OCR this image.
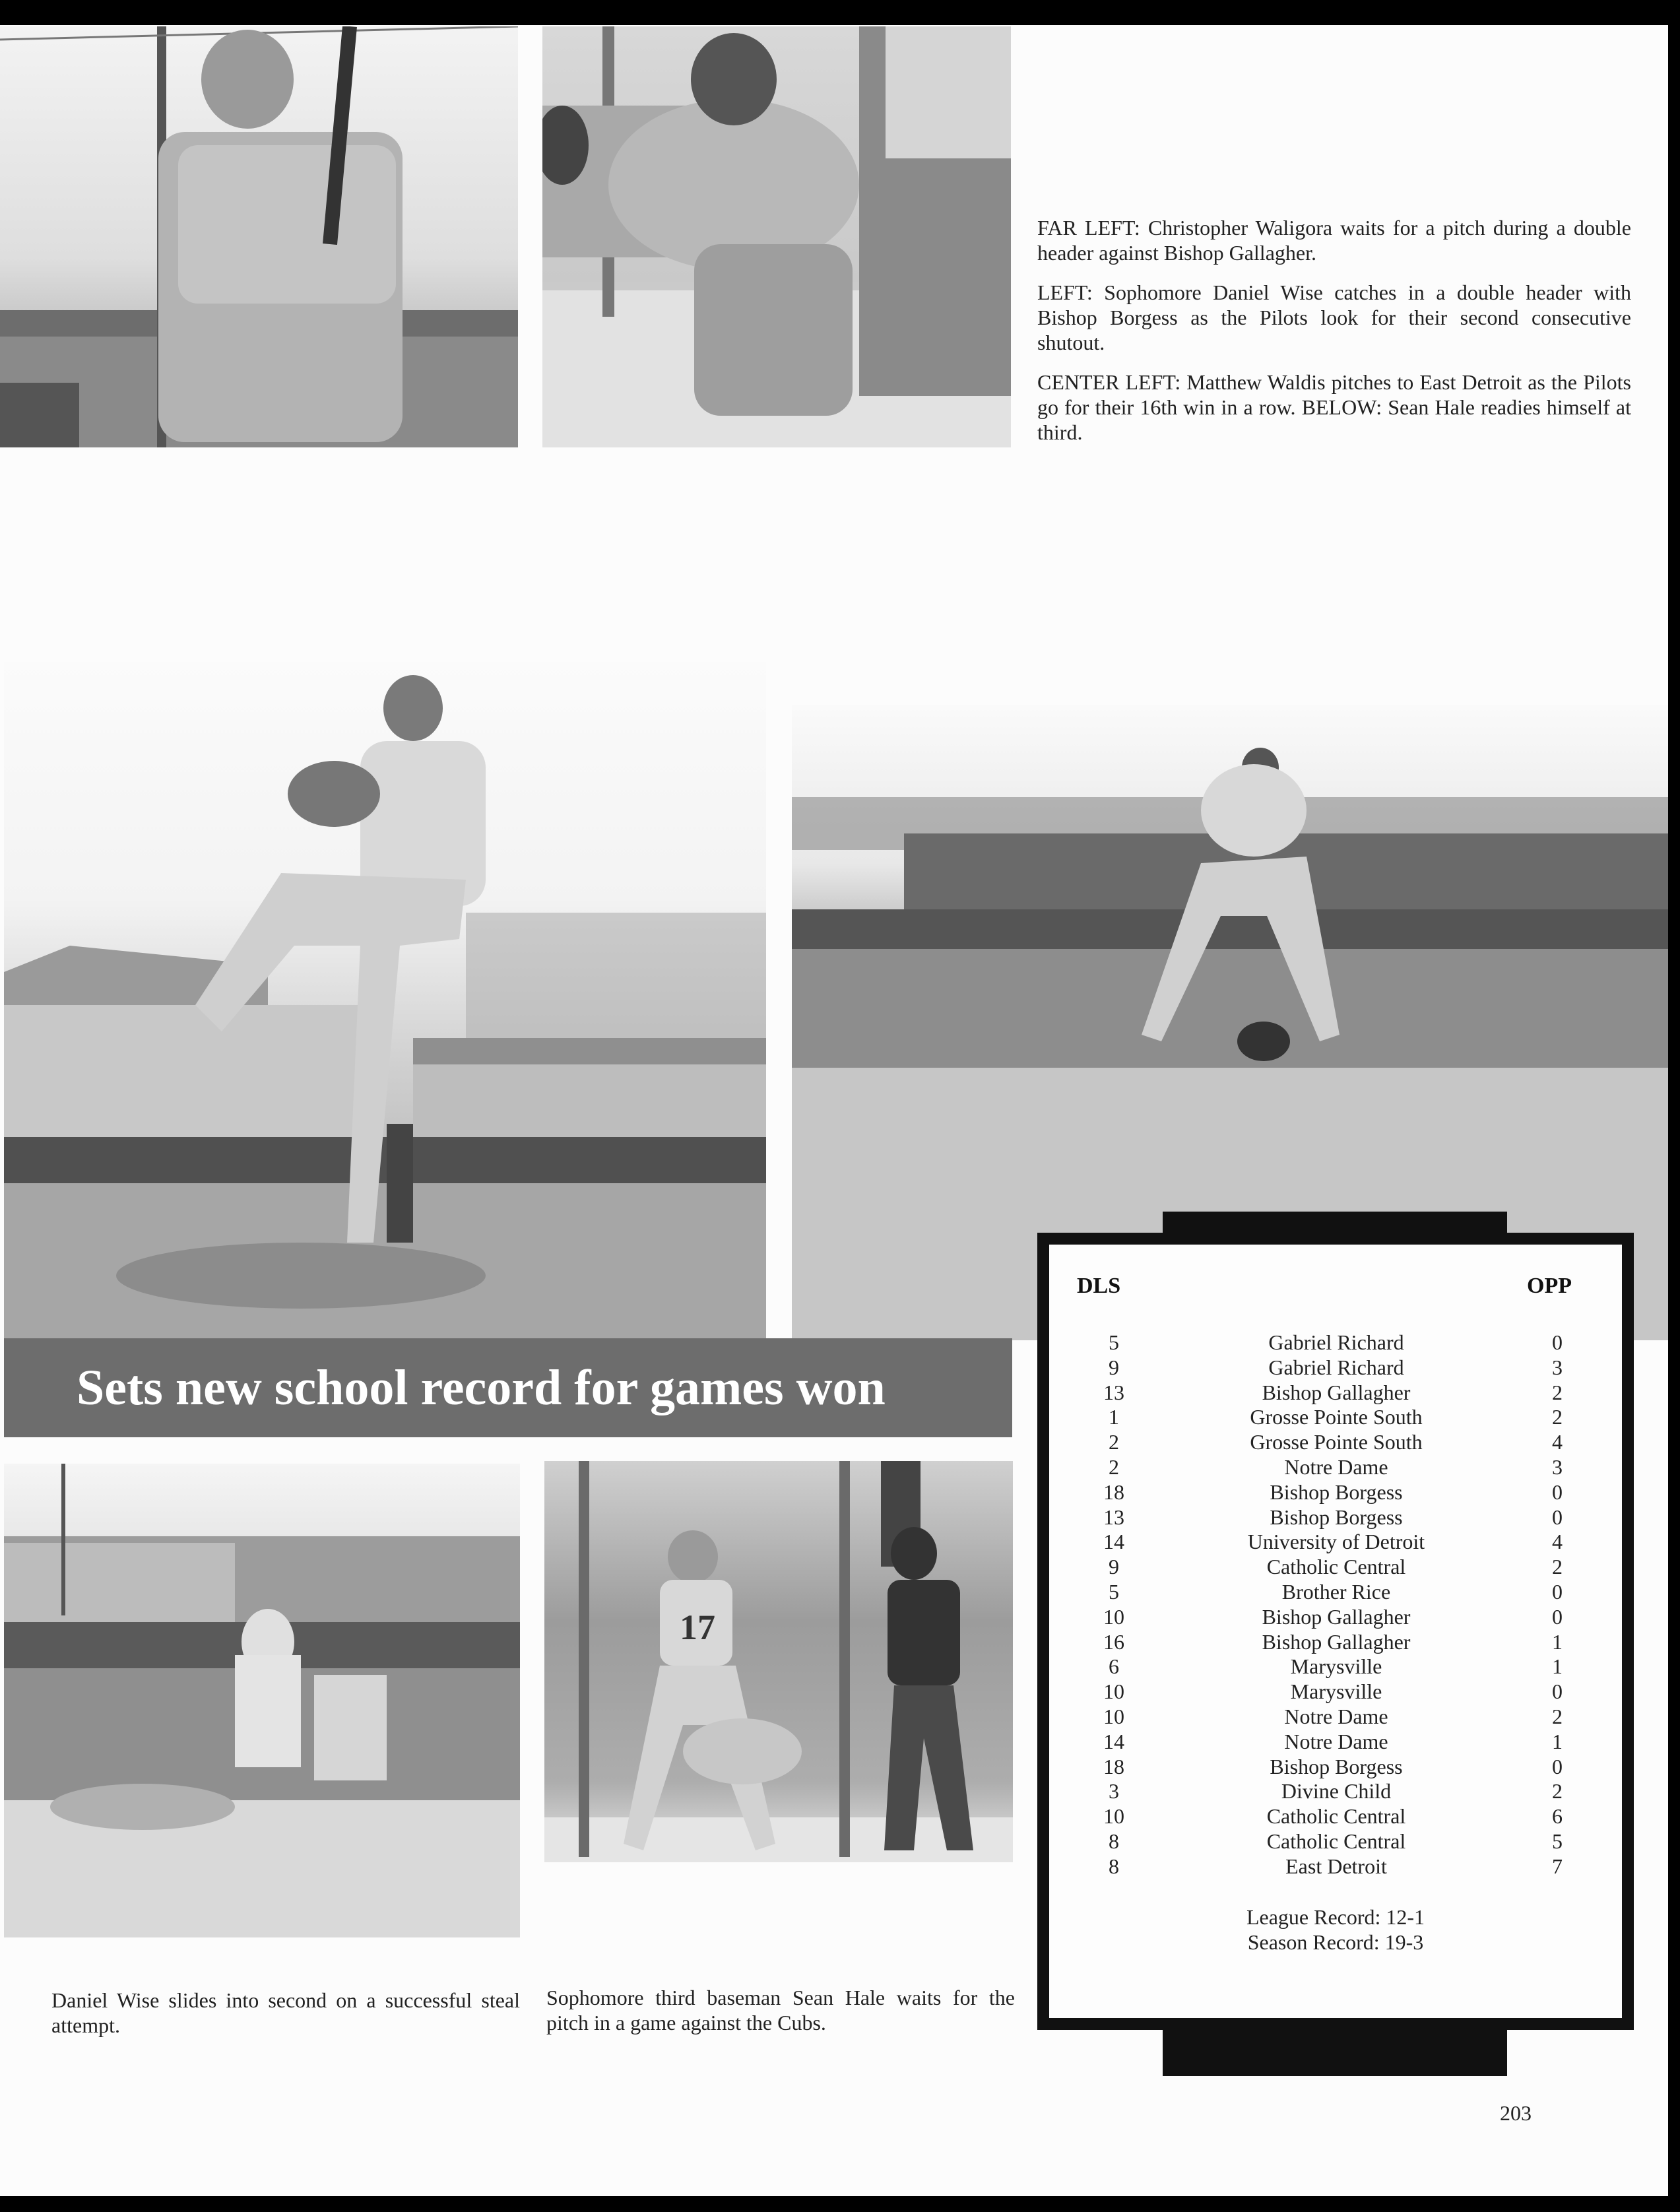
FAR LEFT: Christopher Waligora waits for a pitch during a double header against Bishop Gallagher.

LEFT: Sophomore Daniel Wise catches in a double header with Bishop Borgess as the Pilots look for their second consecutive shutout.

CENTER LEFT: Matthew Waldis pitches to East Detroit as the Pilots go for their 16th win in a row. BELOW: Sean Hale readies himself at third.

Sets new school record for games won
17

Daniel Wise slides into second on a successful steal attempt.

Sophomore third baseman Sean Hale waits for the pitch in a game against the Cubs.

DLS	OPP
5	Gabriel Richard	0
9	Gabriel Richard	3
13	Bishop Gallagher	2
1	Grosse Pointe South	2
2	Grosse Pointe South	4
2	Notre Dame	3
18	Bishop Borgess	0
13	Bishop Borgess	0
14	University of Detroit	4
9	Catholic Central	2
5	Brother Rice	0
10	Bishop Gallagher	0
16	Bishop Gallagher	1
6	Marysville	1
10	Marysville	0
10	Notre Dame	2
14	Notre Dame	1
18	Bishop Borgess	0
3	Divine Child	2
10	Catholic Central	6
8	Catholic Central	5
8	East Detroit	7
League Record: 12-1
Season Record: 19-3
203
